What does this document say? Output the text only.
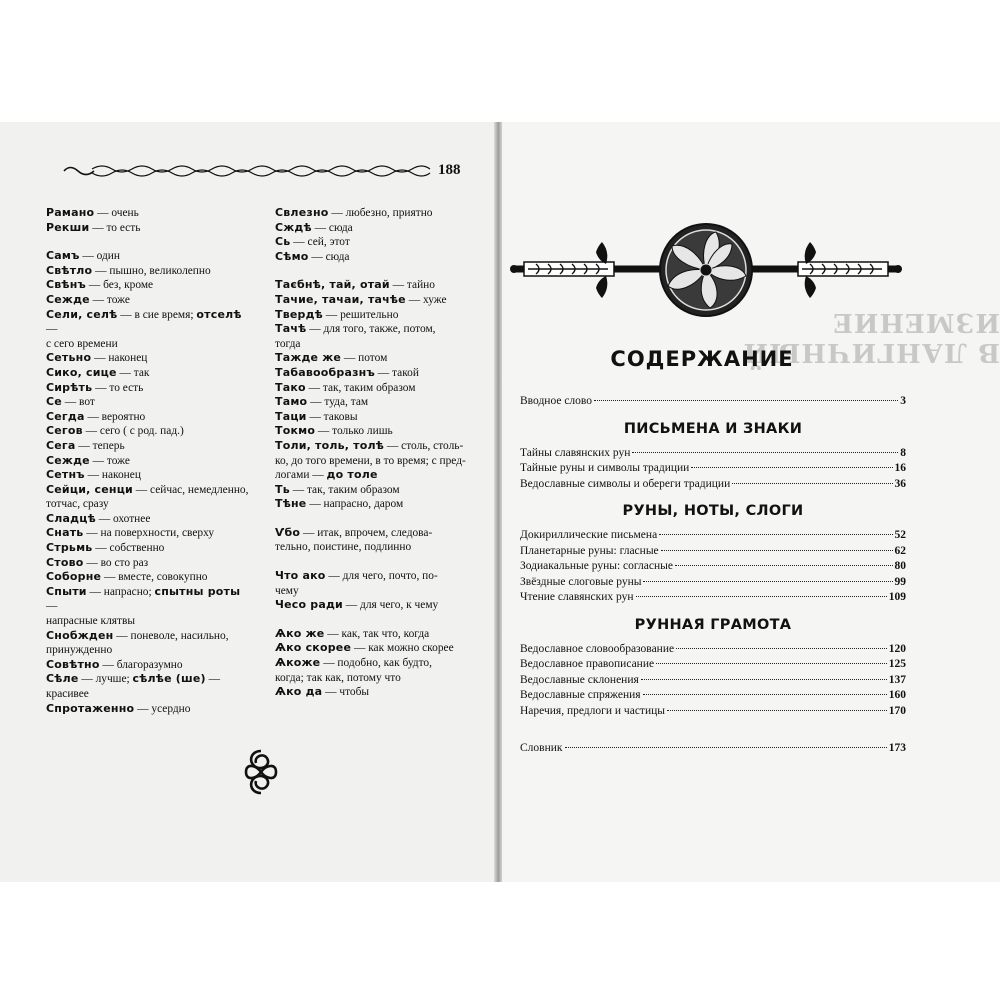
188
Рамано — очень
Рекши — то есть
Самъ — один
Свѣтло — пышно, великолепно
Свѣнъ — без, кроме
Сежде — тоже
Сели, селѣ — в сие время; отселѣ —
с сего времени
Сетьно — наконец
Сико, сице — так
Сирѣть — то есть
Се — вот
Сегда — вероятно
Сегов — сего ( с род. пад.)
Сега — теперь
Сежде — тоже
Сетнъ — наконец
Сейци, сенци — сейчас, немедленно,
тотчас, сразу
Сладцѣ — охотнее
Снать — на поверхности, сверху
Стрьмь — собственно
Стово — во сто раз
Соборне — вместе, совокупно
Спыти — напрасно; спытны роты —
напрасные клятвы
Снобжден — поневоле, насильно,
принужденно
Совѣтно — благоразумно
Сѣле — лучше; сѣлѣе (ше) —
красивее
Спротаженно — усердно
Свлезно — любезно, приятно
Сждѣ — сюда
Сь — сей, этот
Сѣмо — сюда
Таєбнѣ, тай, отай — тайно
Тачие, тачаи, тачѣе — хуже
Твердѣ — решительно
Тачѣ — для того, также, потом,
тогда
Тажде же — потом
Табавообразнъ — такой
Тако — так, таким образом
Тамо — туда, там
Таци — таковы
Токмо — только лишь
Толи, толь, толѣ — столь, столь-
ко, до того времени, в то время; с пред-
логами — до толе
Ть — так, таким образом
Тѣне — напрасно, даром
Ѵбо — итак, впрочем, следова-
тельно, поистине, подлинно
Что ако — для чего, почто, по-
чему
Чесо ради — для чего, к чему
Ѧко же — как, так что, когда
Ѧко скорее — как можно скорее
Ѧкоже — подобно, как будто,
когда; так как, потому что
Ѧко да — чтобы
В ЛАНГИЧНЫЙ ИЗМЕНИЕ
СОДЕРЖАНИЕ
Вводное слово	3
ПИСЬМЕНА И ЗНАКИ
Тайны славянских рун	8
Тайные руны и символы традиции	16
Ведославные символы и обереги традиции	36
РУНЫ, НОТЫ, СЛОГИ
Докириллические письмена	52
Планетарные руны: гласные	62
Зодиакальные руны: согласные	80
Звёздные слоговые руны	99
Чтение славянских рун	109
РУННАЯ ГРАМОТА
Ведославное словообразование	120
Ведославное правописание	125
Ведославные склонения	137
Ведославные спряжения	160
Наречия, предлоги и частицы	170
Словник	173
